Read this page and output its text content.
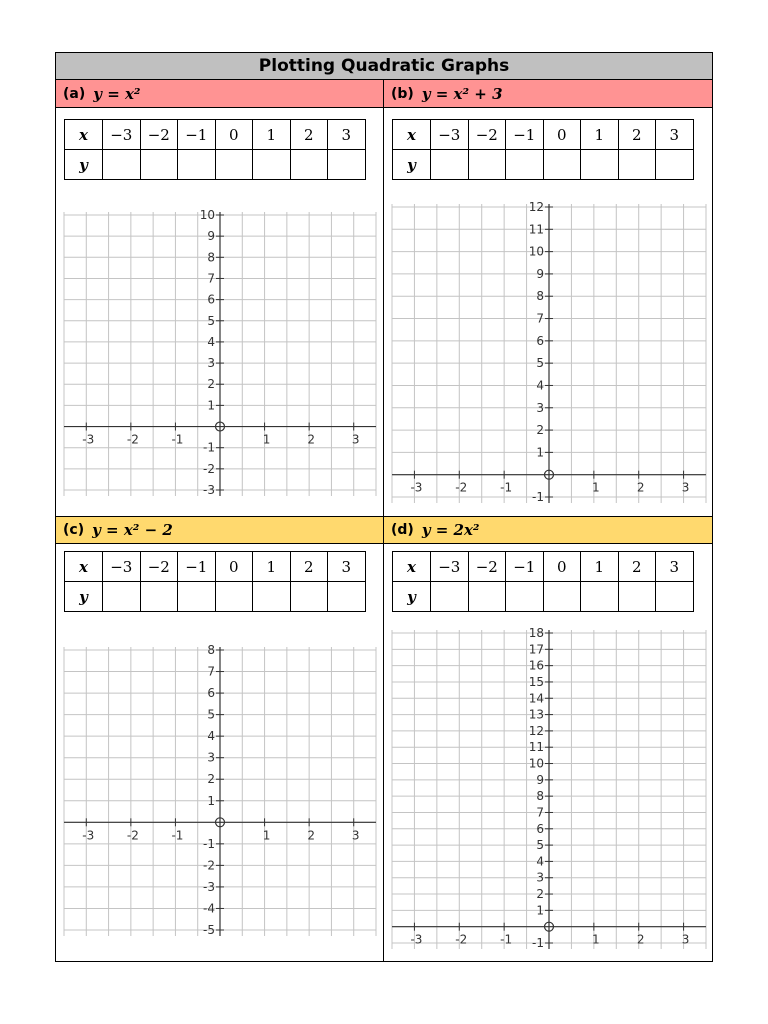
Plotting Quadratic Graphs
(a) y = x²	(b) y = x² + 3
(c) y = x² − 2	(d) y = 2x²
x	−3	−2	−1	0	1	2	3
y							
x	−3	−2	−1	0	1	2	3
y							
x	−3	−2	−1	0	1	2	3
y							
x	−3	−2	−1	0	1	2	3
y							
-3	-2	-1	1	2	3
-3
-2
-1
1
2
3
4
5
6
7
8
9
10
-3	-2	-1	1	2	3
-1
1
2
3
4
5
6
7
8
9
10
11
12
-3	-2	-1	1	2	3
-5
-4
-3
-2
-1
1
2
3
4
5
6
7
8
-3	-2	-1	1	2	3
-1
1
2
3
4
5
6
7
8
9
10
11
12
13
14
15
16
17
18
